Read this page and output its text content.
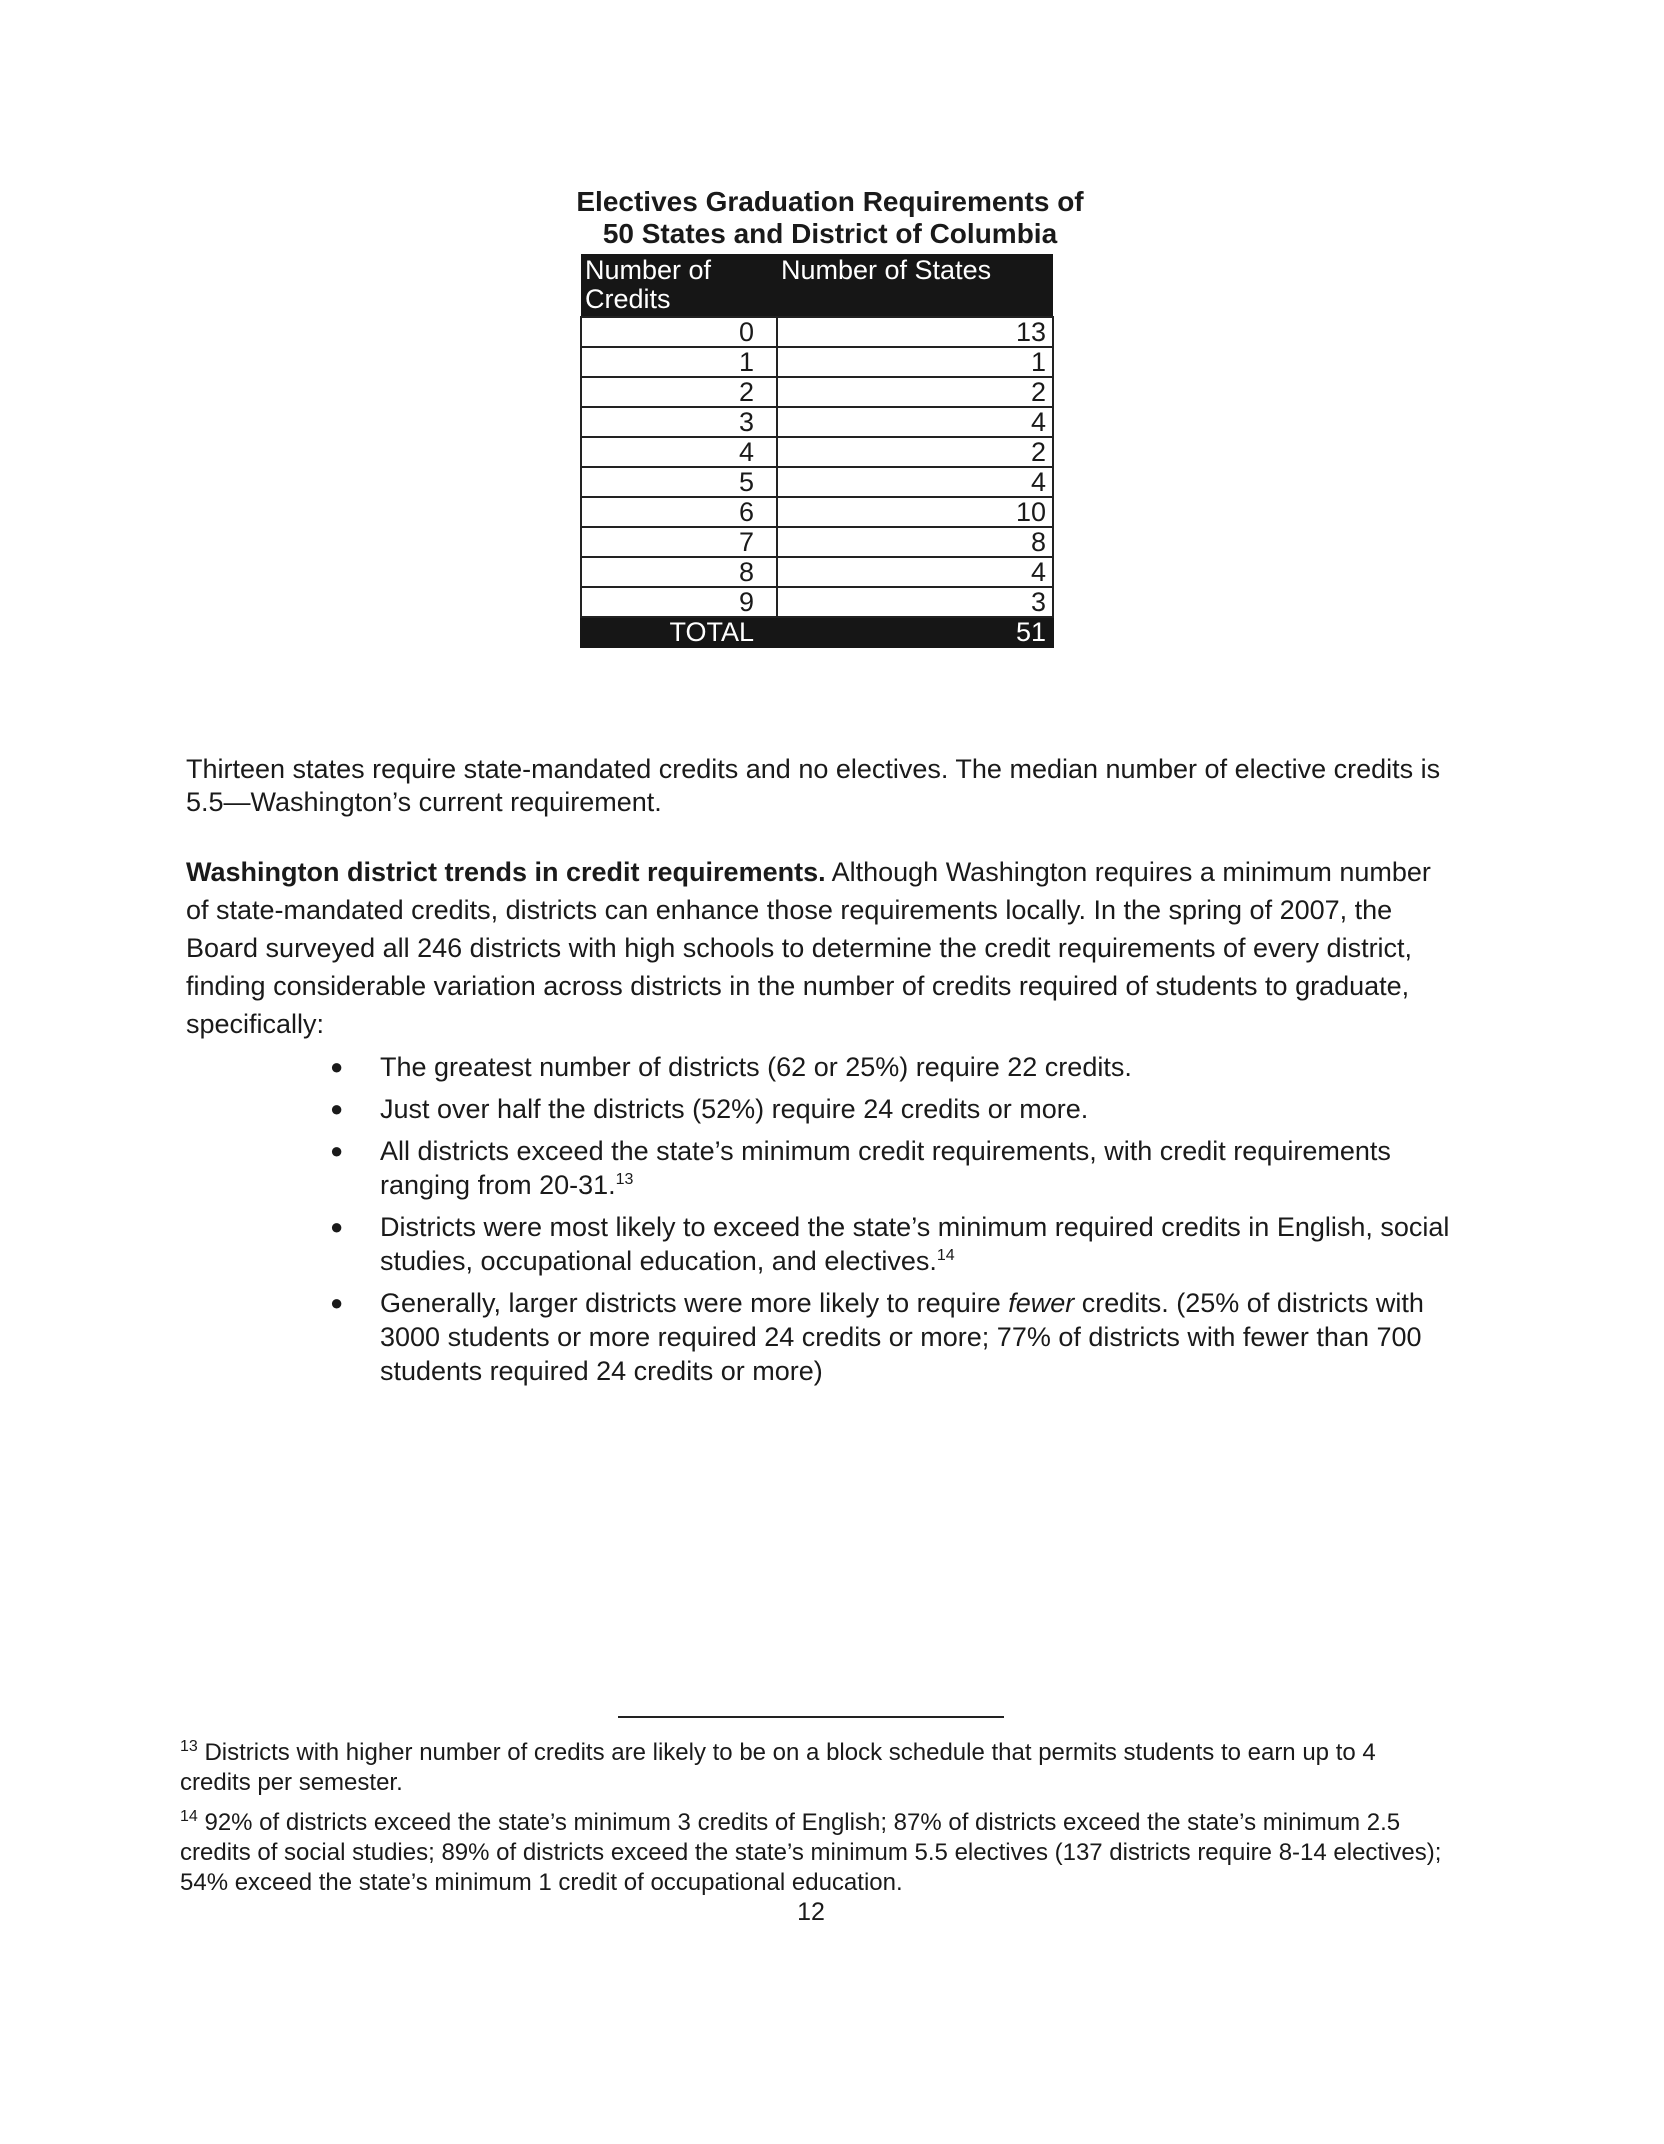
Electives Graduation Requirements of
50 States and District of Columbia
Number of Credits	Number of States
0	13
1	1
2	2
3	4
4	2
5	4
6	10
7	8
8	4
9	3
TOTAL	51

Thirteen states require state-mandated credits and no electives. The median number of elective credits is 5.5—Washington’s current requirement.

Washington district trends in credit requirements. Although Washington requires a minimum number of state-mandated credits, districts can enhance those requirements locally. In the spring of 2007, the Board surveyed all 246 districts with high schools to determine the credit requirements of every district, finding considerable variation across districts in the number of credits required of students to graduate, specifically:

● The greatest number of districts (62 or 25%) require 22 credits.
● Just over half the districts (52%) require 24 credits or more.
● All districts exceed the state’s minimum credit requirements, with credit requirements ranging from 20-31.13
● Districts were most likely to exceed the state’s minimum required credits in English, social studies, occupational education, and electives.$^{14}$
● Generally, larger districts were more likely to require fewer credits. (25% of districts with 3000 students or more required 24 credits or more; 77% of districts with fewer than 700 students required 24 credits or more)
$^{13}$ Districts with higher number of credits are likely to be on a block schedule that permits students to earn up to 4 credits per semester.
$^{14}$ 92% of districts exceed the state’s minimum 3 credits of English; 87% of districts exceed the state’s minimum 2.5 credits of social studies; 89% of districts exceed the state’s minimum 5.5 electives (137 districts require 8-14 electives); 54% exceed the state’s minimum 1 credit of occupational education.
12
